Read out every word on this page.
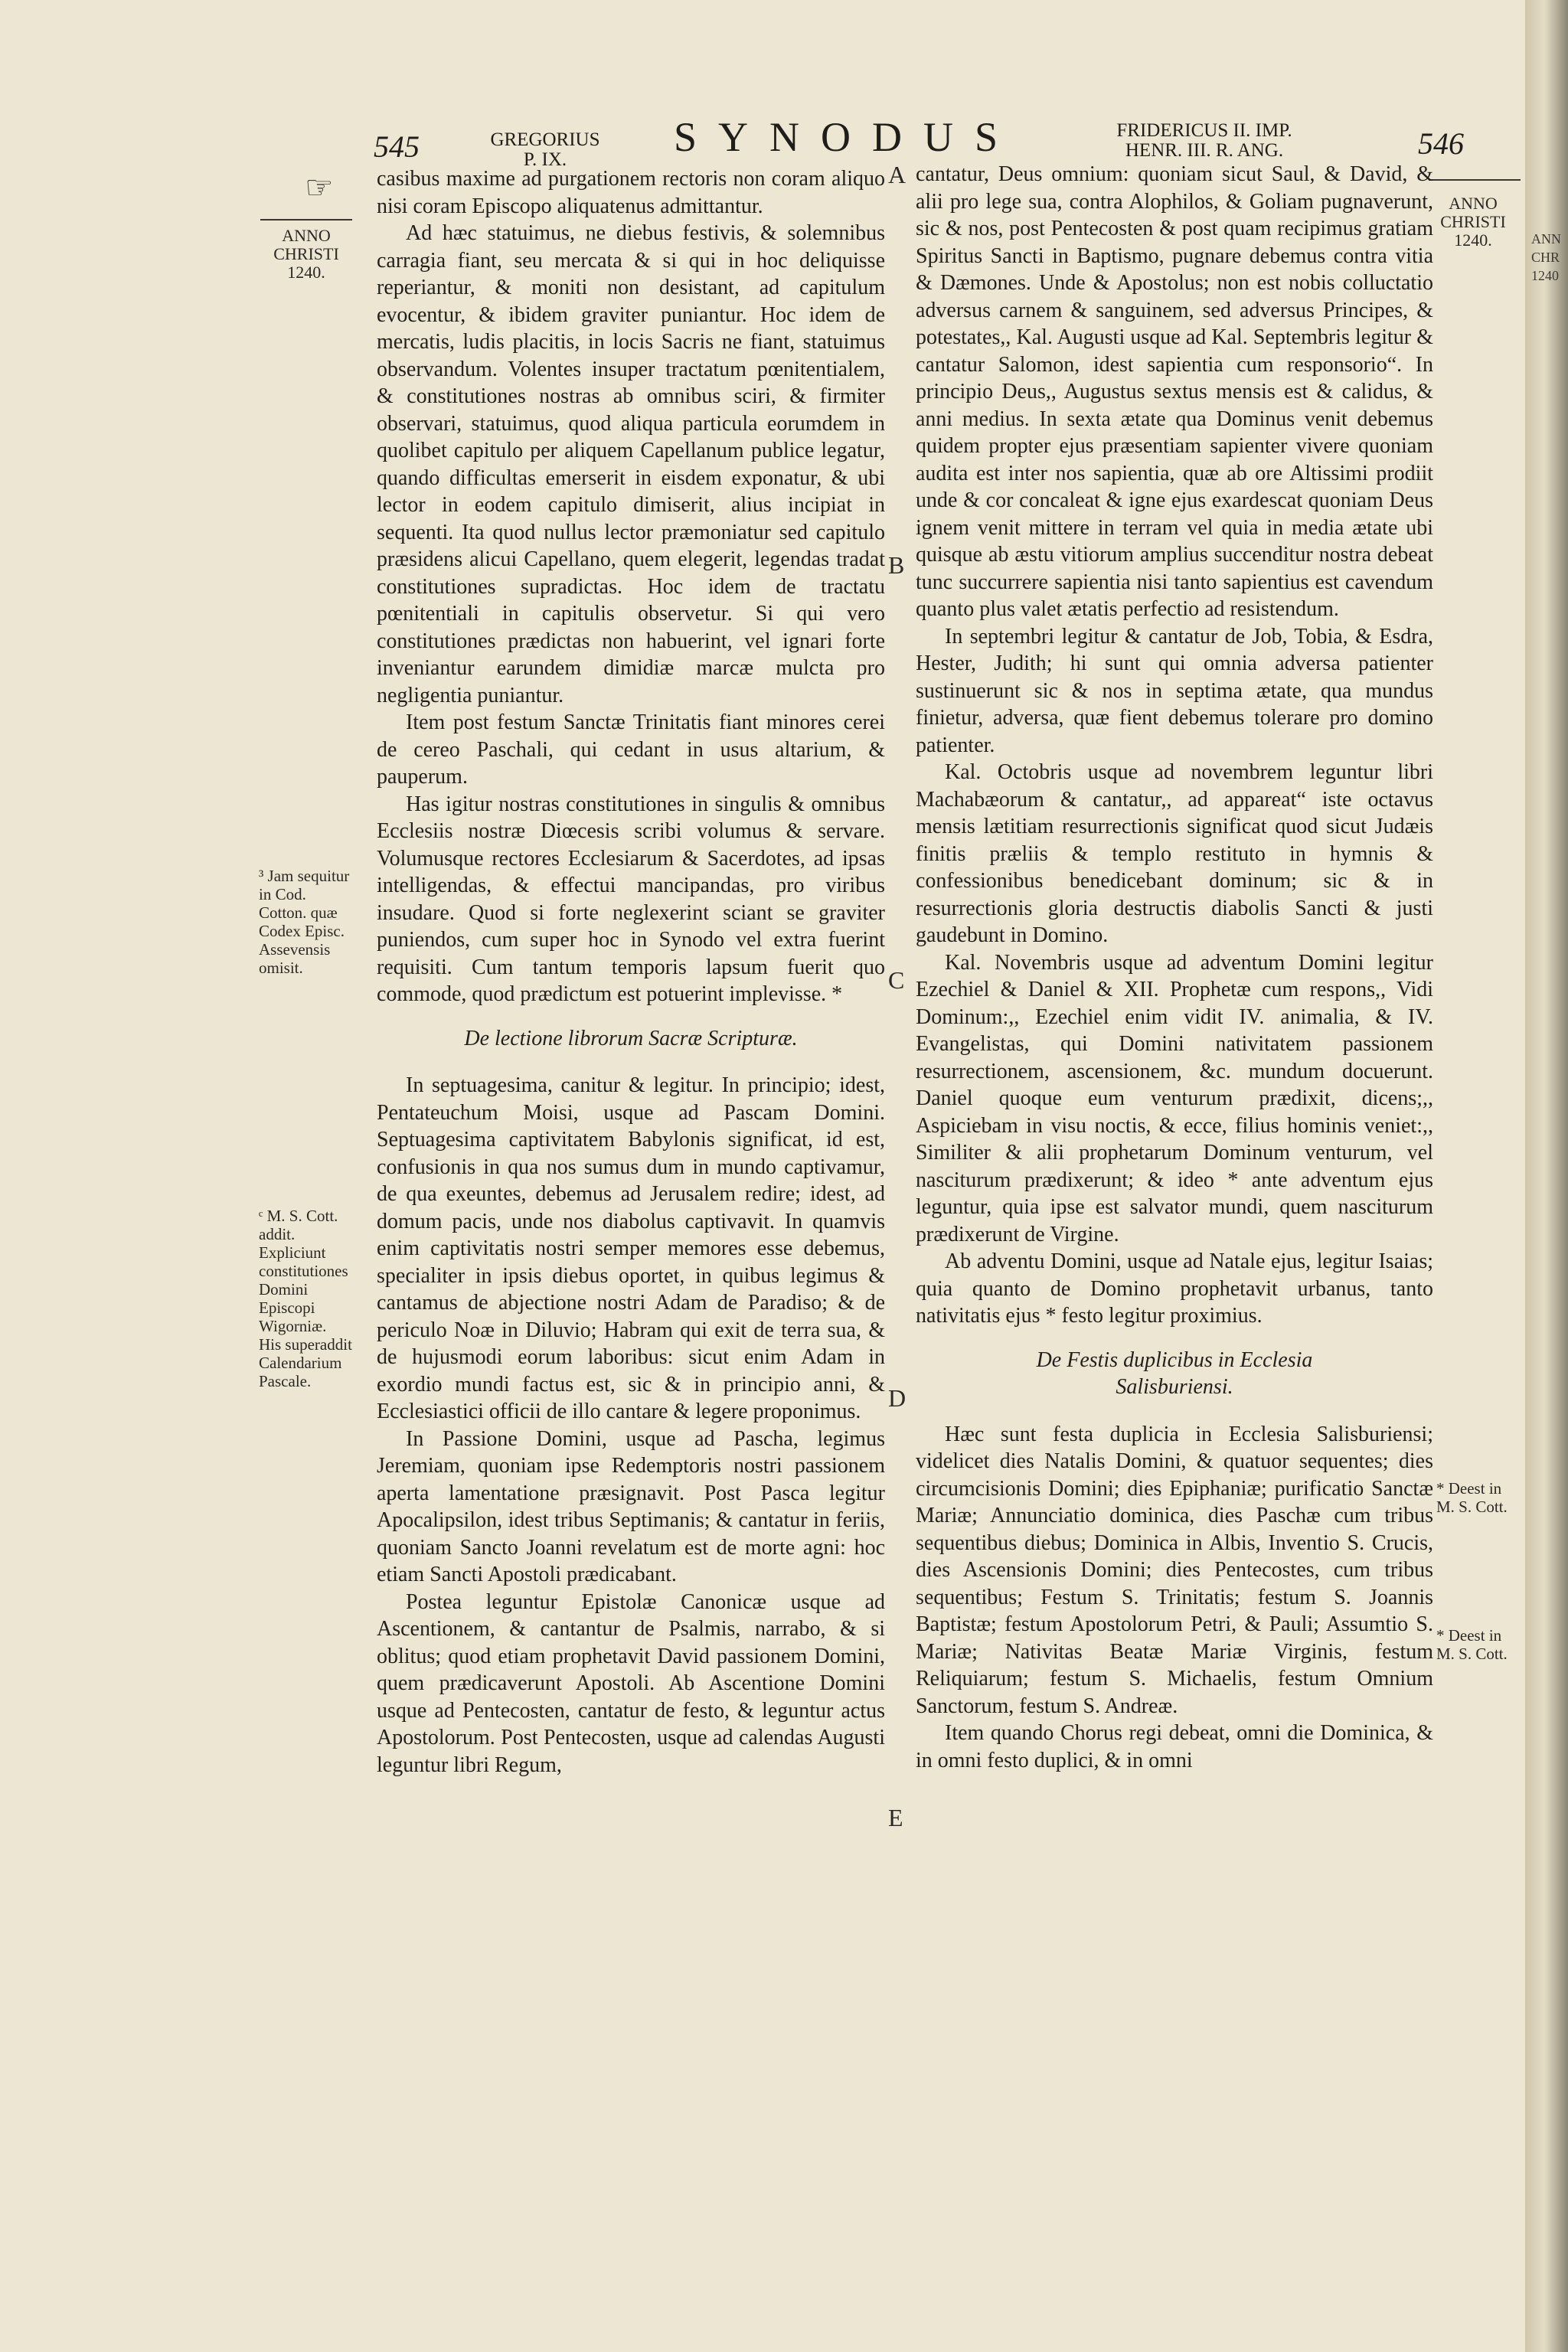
545	GREGORIUS
P. IX.	SYNODUS	FRIDERICUS II. IMP.
HENR. III. R. ANG.	546
☞
ANNO CHRISTI 1240.
ANNO CHRISTI 1240.
A
B
C
D
E
³ Jam sequitur in Cod. Cotton. quæ Codex Episc. Assevensis omisit.
ᶜ M. S. Cott. addit. Expliciunt constitutiones Domini Episcopi Wigorniæ. His superaddit Calendarium Pascale.
* Deest in M. S. Cott.
* Deest in M. S. Cott.

casibus maxime ad purgationem rectoris non coram aliquo nisi coram Episcopo aliquatenus admittantur.

Ad hæc statuimus, ne diebus festivis, & solemnibus carragia fiant, seu mercata & si qui in hoc deliquisse reperiantur, & moniti non desistant, ad capitulum evocentur, & ibidem graviter puniantur. Hoc idem de mercatis, ludis placitis, in locis Sacris ne fiant, statuimus observandum. Volentes insuper tractatum pœnitentialem, & constitutiones nostras ab omnibus sciri, & firmiter observari, statuimus, quod aliqua particula eorumdem in quolibet capitulo per aliquem Capellanum publice legatur, quando difficultas emerserit in eisdem exponatur, & ubi lector in eodem capitulo dimiserit, alius incipiat in sequenti. Ita quod nullus lector præmoniatur sed capitulo præsidens alicui Capellano, quem elegerit, legendas tradat constitutiones supradictas. Hoc idem de tractatu pœnitentiali in capitulis observetur. Si qui vero constitutiones prædictas non habuerint, vel ignari forte inveniantur earundem dimidiæ marcæ mulcta pro negligentia puniantur.

Item post festum Sanctæ Trinitatis fiant minores cerei de cereo Paschali, qui cedant in usus altarium, & pauperum.

Has igitur nostras constitutiones in singulis & omnibus Ecclesiis nostræ Diœcesis scribi volumus & servare. Volumusque rectores Ecclesiarum & Sacerdotes, ad ipsas intelligendas, & effectui mancipandas, pro viribus insudare. Quod si forte neglexerint sciant se graviter puniendos, cum super hoc in Synodo vel extra fuerint requisiti. Cum tantum temporis lapsum fuerit quo commode, quod prædictum est potuerint implevisse. *

De lectione librorum Sacræ Scripturæ.

In septuagesima, canitur & legitur. In principio; idest, Pentateuchum Moisi, usque ad Pascam Domini. Septuagesima captivitatem Babylonis significat, id est, confusionis in qua nos sumus dum in mundo captivamur, de qua exeuntes, debemus ad Jerusalem redire; idest, ad domum pacis, unde nos diabolus captivavit. In quamvis enim captivitatis nostri semper memores esse debemus, specialiter in ipsis diebus oportet, in quibus legimus & cantamus de abjectione nostri Adam de Paradiso; & de periculo Noæ in Diluvio; Habram qui exit de terra sua, & de hujusmodi eorum laboribus: sicut enim Adam in exordio mundi factus est, sic & in principio anni, & Ecclesiastici officii de illo cantare & legere proponimus.

In Passione Domini, usque ad Pascha, legimus Jeremiam, quoniam ipse Redemptoris nostri passionem aperta lamentatione præsignavit. Post Pasca legitur Apocalipsilon, idest tribus Septimanis; & cantatur in feriis, quoniam Sancto Joanni revelatum est de morte agni: hoc etiam Sancti Apostoli prædicabant.

Postea leguntur Epistolæ Canonicæ usque ad Ascentionem, & cantantur de Psalmis, narrabo, & si oblitus; quod etiam prophetavit David passionem Domini, quem prædicaverunt Apostoli. Ab Ascentione Domini usque ad Pentecosten, cantatur de festo, & leguntur actus Apostolorum. Post Pentecosten, usque ad calendas Augusti leguntur libri Regum,

cantatur, Deus omnium: quoniam sicut Saul, & David, & alii pro lege sua, contra Alophilos, & Goliam pugnaverunt, sic & nos, post Pentecosten & post quam recipimus gratiam Spiritus Sancti in Baptismo, pugnare debemus contra vitia & Dæmones. Unde & Apostolus; non est nobis colluctatio adversus carnem & sanguinem, sed adversus Principes, & potestates,, Kal. Augusti usque ad Kal. Septembris legitur & cantatur Salomon, idest sapientia cum responsorio“. In principio Deus,, Augustus sextus mensis est & calidus, & anni medius. In sexta ætate qua Dominus venit debemus quidem propter ejus præsentiam sapienter vivere quoniam audita est inter nos sapientia, quæ ab ore Altissimi prodiit unde & cor concaleat & igne ejus exardescat quoniam Deus ignem venit mittere in terram vel quia in media ætate ubi quisque ab æstu vitiorum amplius succenditur nostra debeat tunc succurrere sapientia nisi tanto sapientius est cavendum quanto plus valet ætatis perfectio ad resistendum.

In septembri legitur & cantatur de Job, Tobia, & Esdra, Hester, Judith; hi sunt qui omnia adversa patienter sustinuerunt sic & nos in septima ætate, qua mundus finietur, adversa, quæ fient debemus tolerare pro domino patienter.

Kal. Octobris usque ad novembrem leguntur libri Machabæorum & cantatur,, ad appareat“ iste octavus mensis lætitiam resurrectionis significat quod sicut Judæis finitis præliis & templo restituto in hymnis & confessionibus benedicebant dominum; sic & in resurrectionis gloria destructis diabolis Sancti & justi gaudebunt in Domino.

Kal. Novembris usque ad adventum Domini legitur Ezechiel & Daniel & XII. Prophetæ cum respons,, Vidi Dominum:,, Ezechiel enim vidit IV. animalia, & IV. Evangelistas, qui Domini nativitatem passionem resurrectionem, ascensionem, &c. mundum docuerunt. Daniel quoque eum venturum prædixit, dicens;,, Aspiciebam in visu noctis, & ecce, filius hominis veniet:,, Similiter & alii prophetarum Dominum venturum, vel nasciturum prædixerunt; & ideo * ante adventum ejus leguntur, quia ipse est salvator mundi, quem nasciturum prædixerunt de Virgine.

Ab adventu Domini, usque ad Natale ejus, legitur Isaias; quia quanto de Domino prophetavit urbanus, tanto nativitatis ejus * festo legitur proximius.

De Festis duplicibus in Ecclesia
Salisburiensi.

Hæc sunt festa duplicia in Ecclesia Salisburiensi; videlicet dies Natalis Domini, & quatuor sequentes; dies circumcisionis Domini; dies Epiphaniæ; purificatio Sanctæ Mariæ; Annunciatio dominica, dies Paschæ cum tribus sequentibus diebus; Dominica in Albis, Inventio S. Crucis, dies Ascensionis Domini; dies Pentecostes, cum tribus sequentibus; Festum S. Trinitatis; festum S. Joannis Baptistæ; festum Apostolorum Petri, & Pauli; Assumtio S. Mariæ; Nativitas Beatæ Mariæ Virginis, festum Reliquiarum; festum S. Michaelis, festum Omnium Sanctorum, festum S. Andreæ.

Item quando Chorus regi debeat, omni die Dominica, & in omni festo duplici, & in omni

ANN CHR 1240
